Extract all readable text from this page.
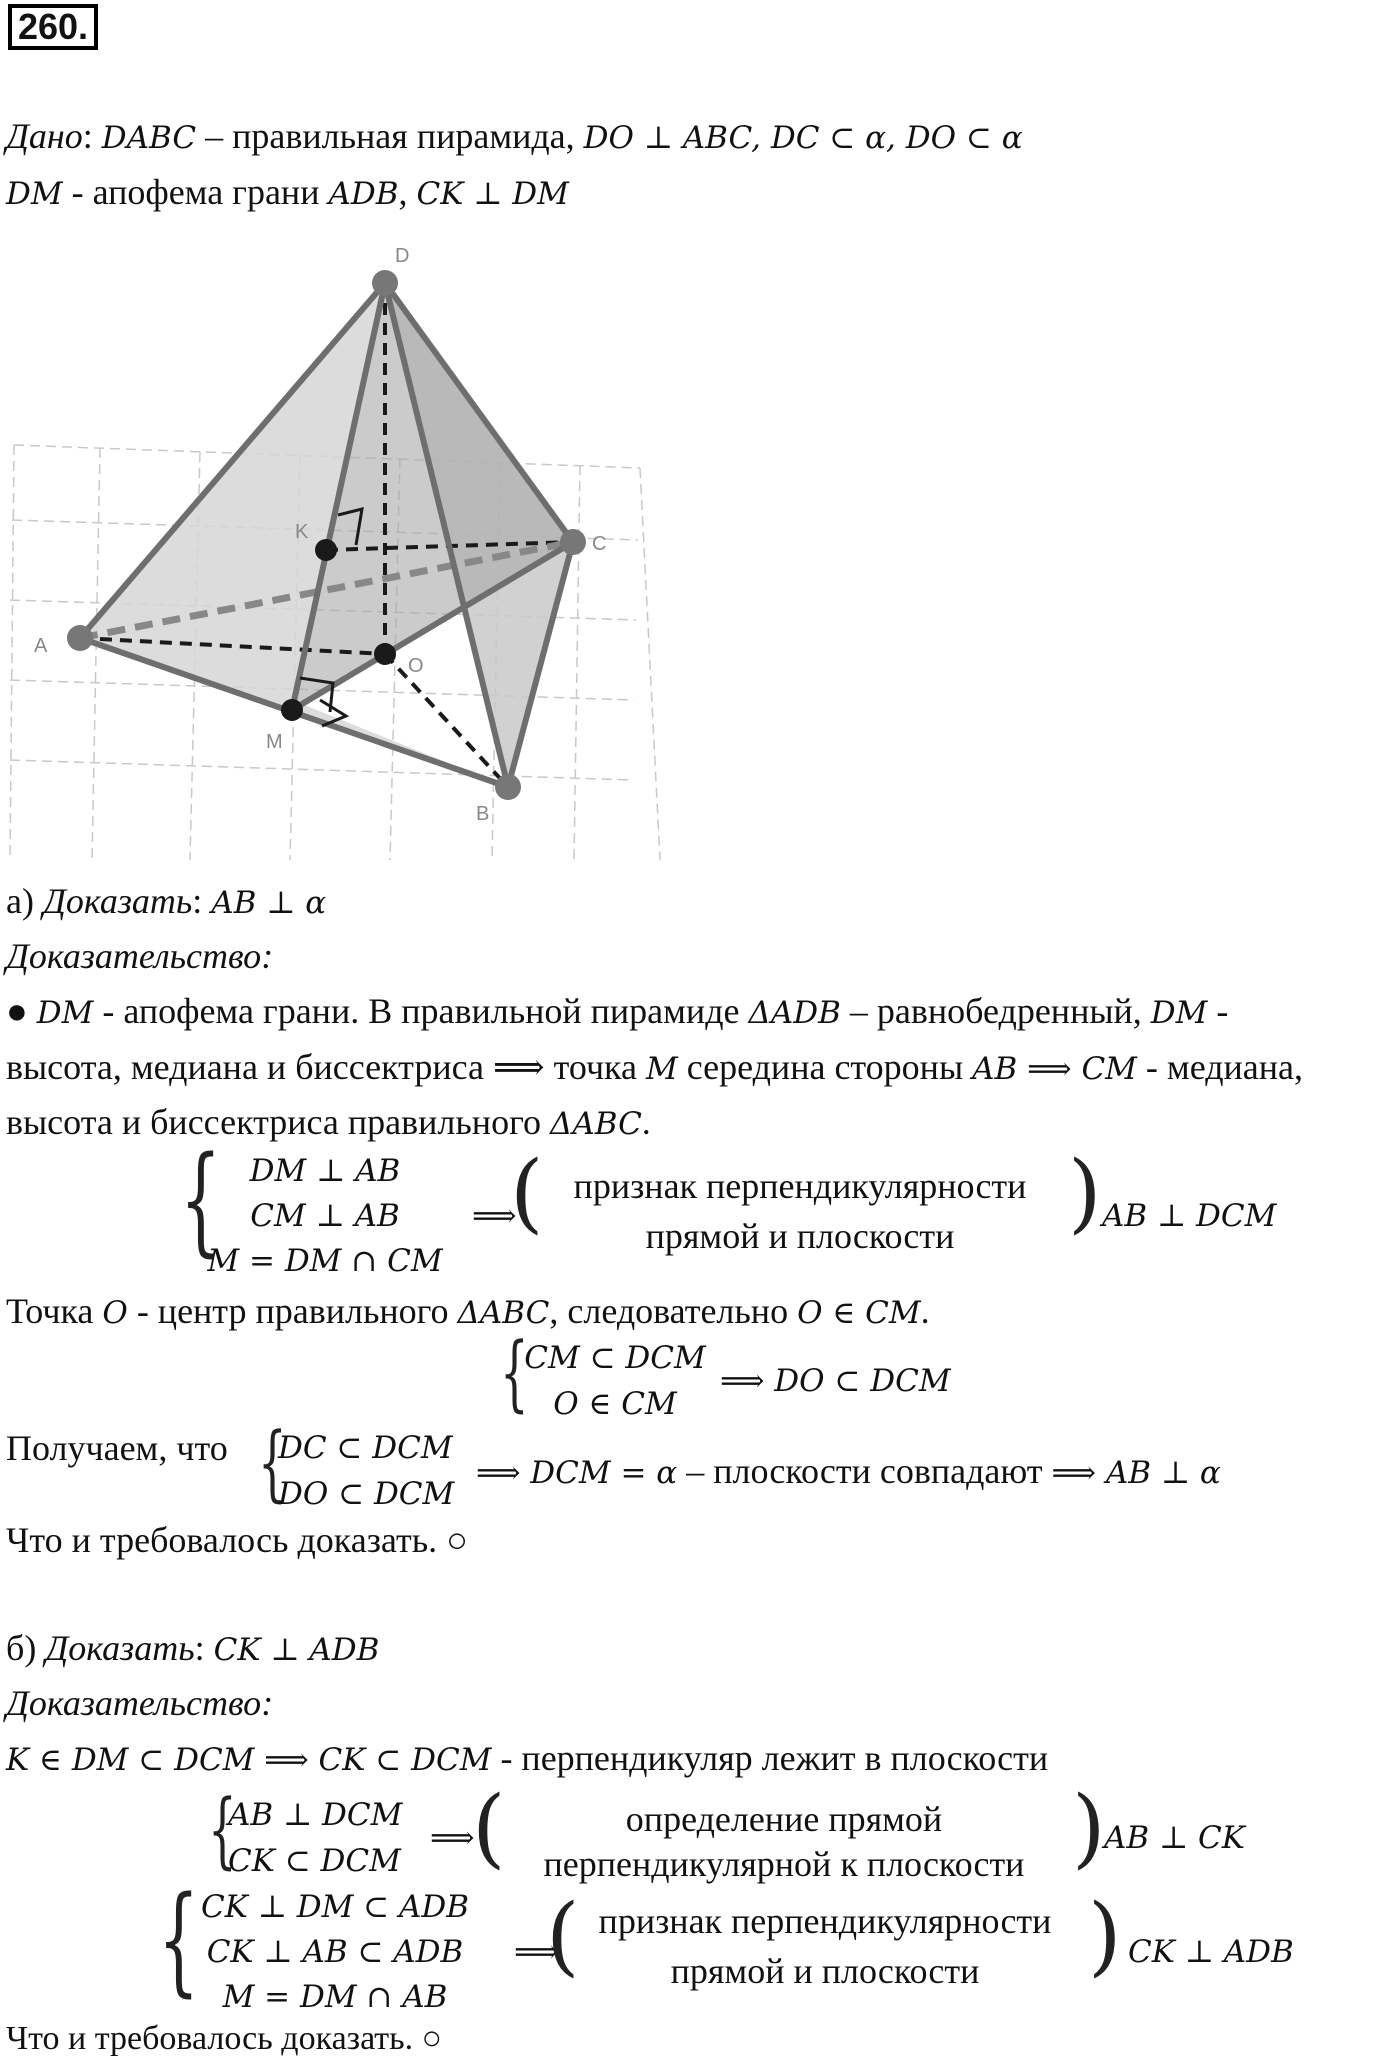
260.
Дано: DABC – правильная пирамида, DO ⊥ ABC, DC ⊂ α, DO ⊂ α
DM - апофема грани ADB, CK ⊥ DM
D
C
A
K
O
M
B
а) Доказать: AB ⊥ α
Доказательство:
● DM - апофема грани. В правильной пирамиде ΔADB – равнобедренный, DM -
высота, медиана и биссектриса ⟹ точка M середина стороны AB ⟹ CM - медиана,
высота и биссектриса правильного ΔABC.
{ DM ⊥ AB
CM ⊥ AB
M = DM ∩ CM
⟹
( признак перпендикулярности
прямой и плоскости	) AB ⊥ DCM
Точка O - центр правильного ΔABC, следовательно O ∈ CM.
{
CM ⊂ DCM
O ∈ CM
⟹ DO ⊂ DCM
Получаем, что {
DC ⊂ DCM
DO ⊂ DCM
⟹ DCM = α – плоскости совпадают ⟹ AB ⊥ α
Что и требовалось доказать. ○
б) Доказать: CK ⊥ ADB
Доказательство:
K ∈ DM ⊂ DCM ⟹ CK ⊂ DCM - перпендикуляр лежит в плоскости
{
AB ⊥ DCM
CK ⊂ DCM
⟹
(	определение прямой
перпендикулярной к плоскости )
AB ⊥ CK
{ CK ⊥ DM ⊂ ADB
CK ⊥ AB ⊂ ADB
M = DM ∩ AB
⟹
( признак перпендикулярности
прямой и плоскости	) CK ⊥ ADB
Что и требовалось доказать. ○
